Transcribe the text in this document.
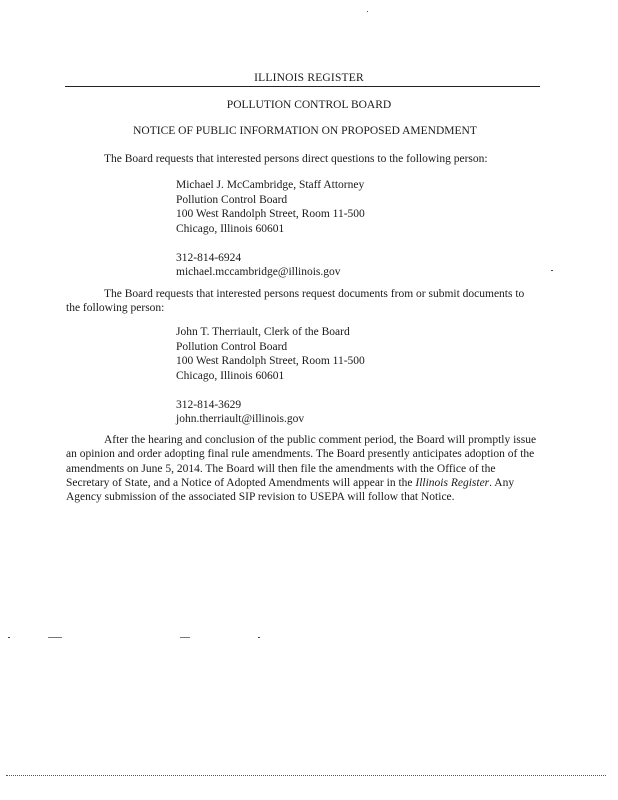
ILLINOIS REGISTER
POLLUTION CONTROL BOARD
NOTICE OF PUBLIC INFORMATION ON PROPOSED AMENDMENT
The Board requests that interested persons direct questions to the following person:
Michael J. McCambridge, Staff Attorney
Pollution Control Board
100 West Randolph Street, Room 11-500
Chicago, Illinois 60601
312-814-6924
michael.mccambridge@illinois.gov
The Board requests that interested persons request documents from or submit documents to the following person:
John T. Therriault, Clerk of the Board
Pollution Control Board
100 West Randolph Street, Room 11-500
Chicago, Illinois 60601
312-814-3629
john.therriault@illinois.gov
After the hearing and conclusion of the public comment period, the Board will promptly issue an opinion and order adopting final rule amendments. The Board presently anticipates adoption of the amendments on June 5, 2014. The Board will then file the amendments with the Office of the Secretary of State, and a Notice of Adopted Amendments will appear in the Illinois Register. Any Agency submission of the associated SIP revision to USEPA will follow that Notice.
